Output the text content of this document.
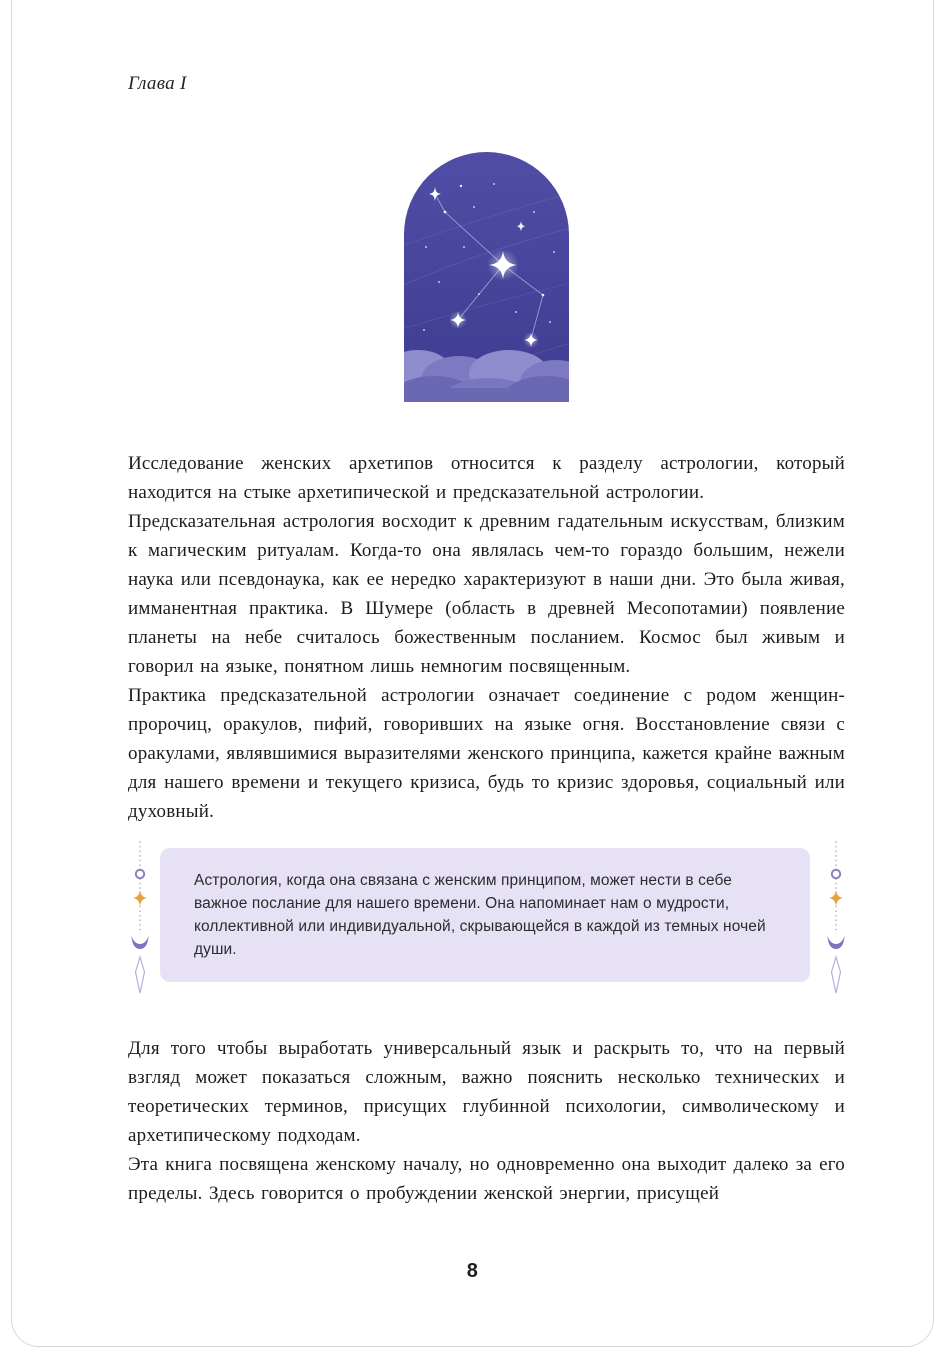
Глава I

Исследование женских архетипов относится к разделу астрологии, который находится на стыке архетипической и предсказательной астрологии.

Предсказательная астрология восходит к древним гадательным искусствам, близким к магическим ритуалам. Когда-то она являлась чем-то гораздо большим, нежели наука или псевдонаука, как ее нередко характеризуют в наши дни. Это была живая, имманентная практика. В Шумере (область в древней Месопотамии) появление планеты на небе считалось божественным посланием. Космос был живым и говорил на языке, понятном лишь немногим посвященным.

Практика предсказательной астрологии означает соединение с родом женщин-пророчиц, оракулов, пифий, говоривших на языке огня. Восстановление связи с оракулами, являвшимися выразителями женского принципа, кажется крайне важным для нашего времени и текущего кризиса, будь то кризис здоровья, социальный или духовный.

Астрология, когда она связана с женским принципом, может нести в себе важное послание для нашего времени. Она напоминает нам о мудрости, коллективной или индивидуальной, скрывающейся в каждой из темных ночей души.

Для того чтобы выработать универсальный язык и раскрыть то, что на первый взгляд может показаться сложным, важно пояснить несколько технических и теоретических терминов, присущих глубинной психологии, символическому и архетипическому подходам.

Эта книга посвящена женскому началу, но одновременно она выходит далеко за его пределы. Здесь говорится о пробуждении женской энергии, присущей

8
